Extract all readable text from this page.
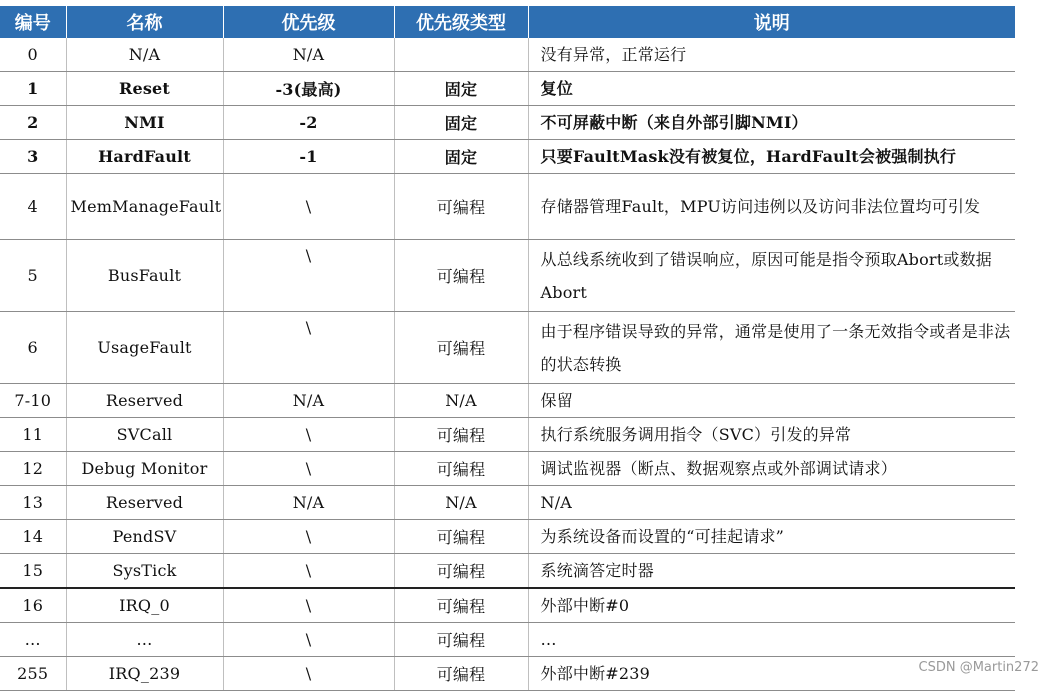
编号	名称	优先级	优先级类型	说明
0	N/A	N/A		没有异常，正常运行
1	Reset	-3(最高)	固定	复位
2	NMI	-2	固定	不可屏蔽中断（来自外部引脚NMI）
3	HardFault	-1	固定	只要FaultMask没有被复位，HardFault会被强制执行
4	MemManageFault	\	可编程	存储器管理Fault，MPU访问违例以及访问非法位置均可引发
5	BusFault	\	可编程	从总线系统收到了错误响应，原因可能是指令预取Abort或数据Abort
6	UsageFault	\	可编程	由于程序错误导致的异常，通常是使用了一条无效指令或者是非法的状态转换
7-10	Reserved	N/A	N/A	保留
11	SVCall	\	可编程	执行系统服务调用指令（SVC）引发的异常
12	Debug Monitor	\	可编程	调试监视器（断点、数据观察点或外部调试请求）
13	Reserved	N/A	N/A	N/A
14	PendSV	\	可编程	为系统设备而设置的“可挂起请求”
15	SysTick	\	可编程	系统滴答定时器
16	IRQ_0	\	可编程	外部中断#0
…	…	\	可编程	…
255	IRQ_239	\	可编程	外部中断#239	CSDN @Martin272
